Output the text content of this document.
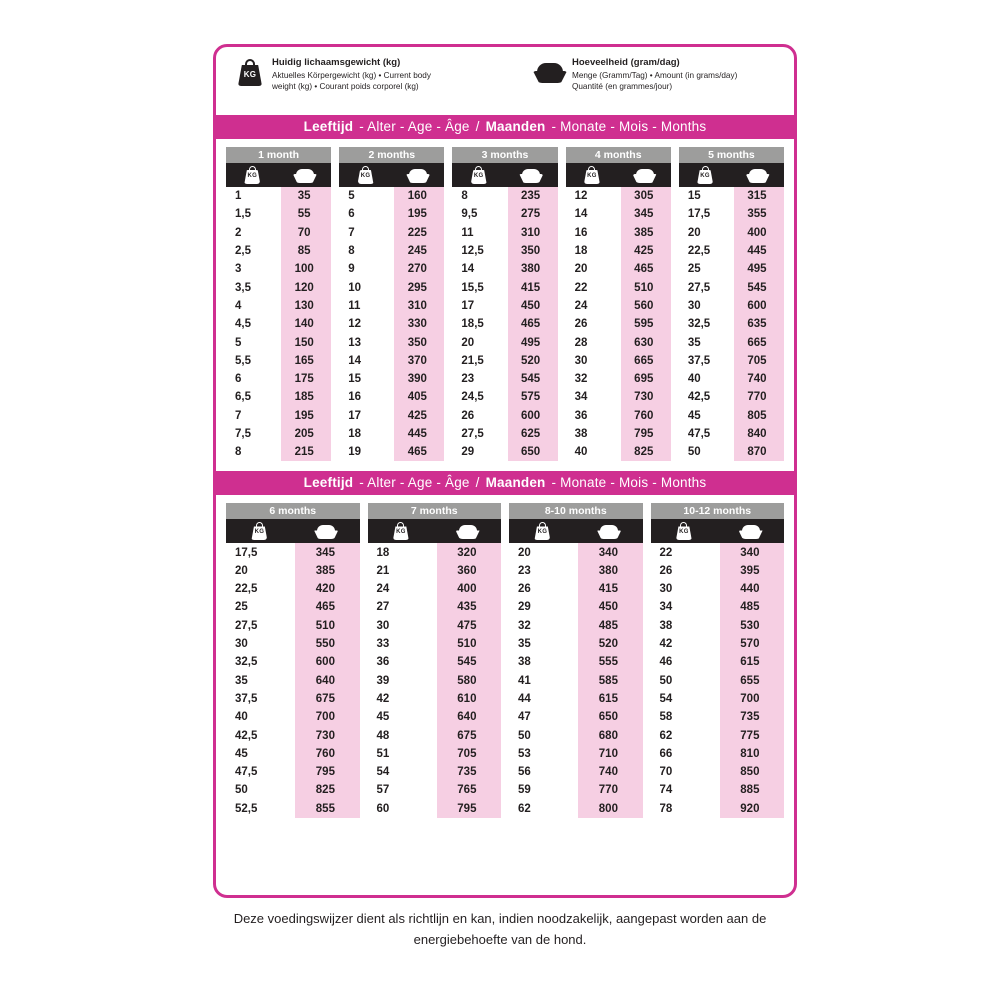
KG
Huidig lichaamsgewicht (kg)
Aktuelles Körpergewicht (kg) • Current body
weight (kg) • Courant poids corporel (kg)
Hoeveelheid (gram/dag)
Menge (Gramm/Tag) • Amount (in grams/day)
Quantité (en grammes/jour)
Leeftijd - Alter - Age - Âge / Maanden - Monate - Mois - Months
1 month
KG
1	35
1,5	55
2	70
2,5	85
3	100
3,5	120
4	130
4,5	140
5	150
5,5	165
6	175
6,5	185
7	195
7,5	205
8	215
2 months
KG
5	160
6	195
7	225
8	245
9	270
10	295
11	310
12	330
13	350
14	370
15	390
16	405
17	425
18	445
19	465
3 months
KG
8	235
9,5	275
11	310
12,5	350
14	380
15,5	415
17	450
18,5	465
20	495
21,5	520
23	545
24,5	575
26	600
27,5	625
29	650
4 months
KG
12	305
14	345
16	385
18	425
20	465
22	510
24	560
26	595
28	630
30	665
32	695
34	730
36	760
38	795
40	825
5 months
KG
15	315
17,5	355
20	400
22,5	445
25	495
27,5	545
30	600
32,5	635
35	665
37,5	705
40	740
42,5	770
45	805
47,5	840
50	870
Leeftijd - Alter - Age - Âge / Maanden - Monate - Mois - Months
6 months
KG
17,5	345
20	385
22,5	420
25	465
27,5	510
30	550
32,5	600
35	640
37,5	675
40	700
42,5	730
45	760
47,5	795
50	825
52,5	855
7 months
KG
18	320
21	360
24	400
27	435
30	475
33	510
36	545
39	580
42	610
45	640
48	675
51	705
54	735
57	765
60	795
8-10 months
KG
20	340
23	380
26	415
29	450
32	485
35	520
38	555
41	585
44	615
47	650
50	680
53	710
56	740
59	770
62	800
10-12 months
KG
22	340
26	395
30	440
34	485
38	530
42	570
46	615
50	655
54	700
58	735
62	775
66	810
70	850
74	885
78	920
Deze voedingswijzer dient als richtlijn en kan, indien noodzakelijk, aangepast worden aan de
energiebehoefte van de hond.
